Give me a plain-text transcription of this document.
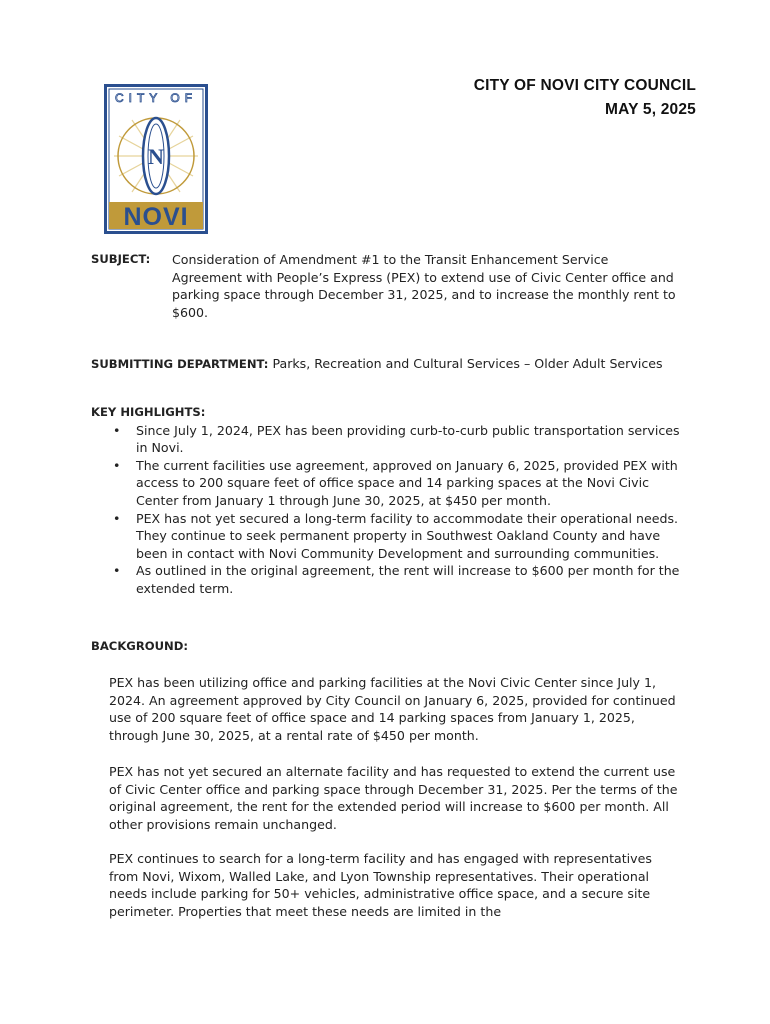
CITY OF
N
NOVI
CITY OF NOVI CITY COUNCIL
MAY 5, 2025
SUBJECT: Consideration of Amendment #1 to the Transit Enhancement Service Agreement with People’s Express (PEX) to extend use of Civic Center office and parking space through December 31, 2025, and to increase the monthly rent to $600.
SUBMITTING DEPARTMENT: Parks, Recreation and Cultural Services – Older Adult Services
KEY HIGHLIGHTS:
• Since July 1, 2024, PEX has been providing curb-to-curb public transportation services in Novi.
• The current facilities use agreement, approved on January 6, 2025, provided PEX with access to 200 square feet of office space and 14 parking spaces at the Novi Civic Center from January 1 through June 30, 2025, at $450 per month.
• PEX has not yet secured a long-term facility to accommodate their operational needs. They continue to seek permanent property in Southwest Oakland County and have been in contact with Novi Community Development and surrounding communities.
• As outlined in the original agreement, the rent will increase to $600 per month for the extended term.
BACKGROUND:
PEX has been utilizing office and parking facilities at the Novi Civic Center since July 1, 2024. An agreement approved by City Council on January 6, 2025, provided for continued use of 200 square feet of office space and 14 parking spaces from January 1, 2025, through June 30, 2025, at a rental rate of $450 per month.
PEX has not yet secured an alternate facility and has requested to extend the current use of Civic Center office and parking space through December 31, 2025. Per the terms of the original agreement, the rent for the extended period will increase to $600 per month. All other provisions remain unchanged.
PEX continues to search for a long-term facility and has engaged with representatives from Novi, Wixom, Walled Lake, and Lyon Township representatives. Their operational needs include parking for 50+ vehicles, administrative office space, and a secure site perimeter. Properties that meet these needs are limited in the
